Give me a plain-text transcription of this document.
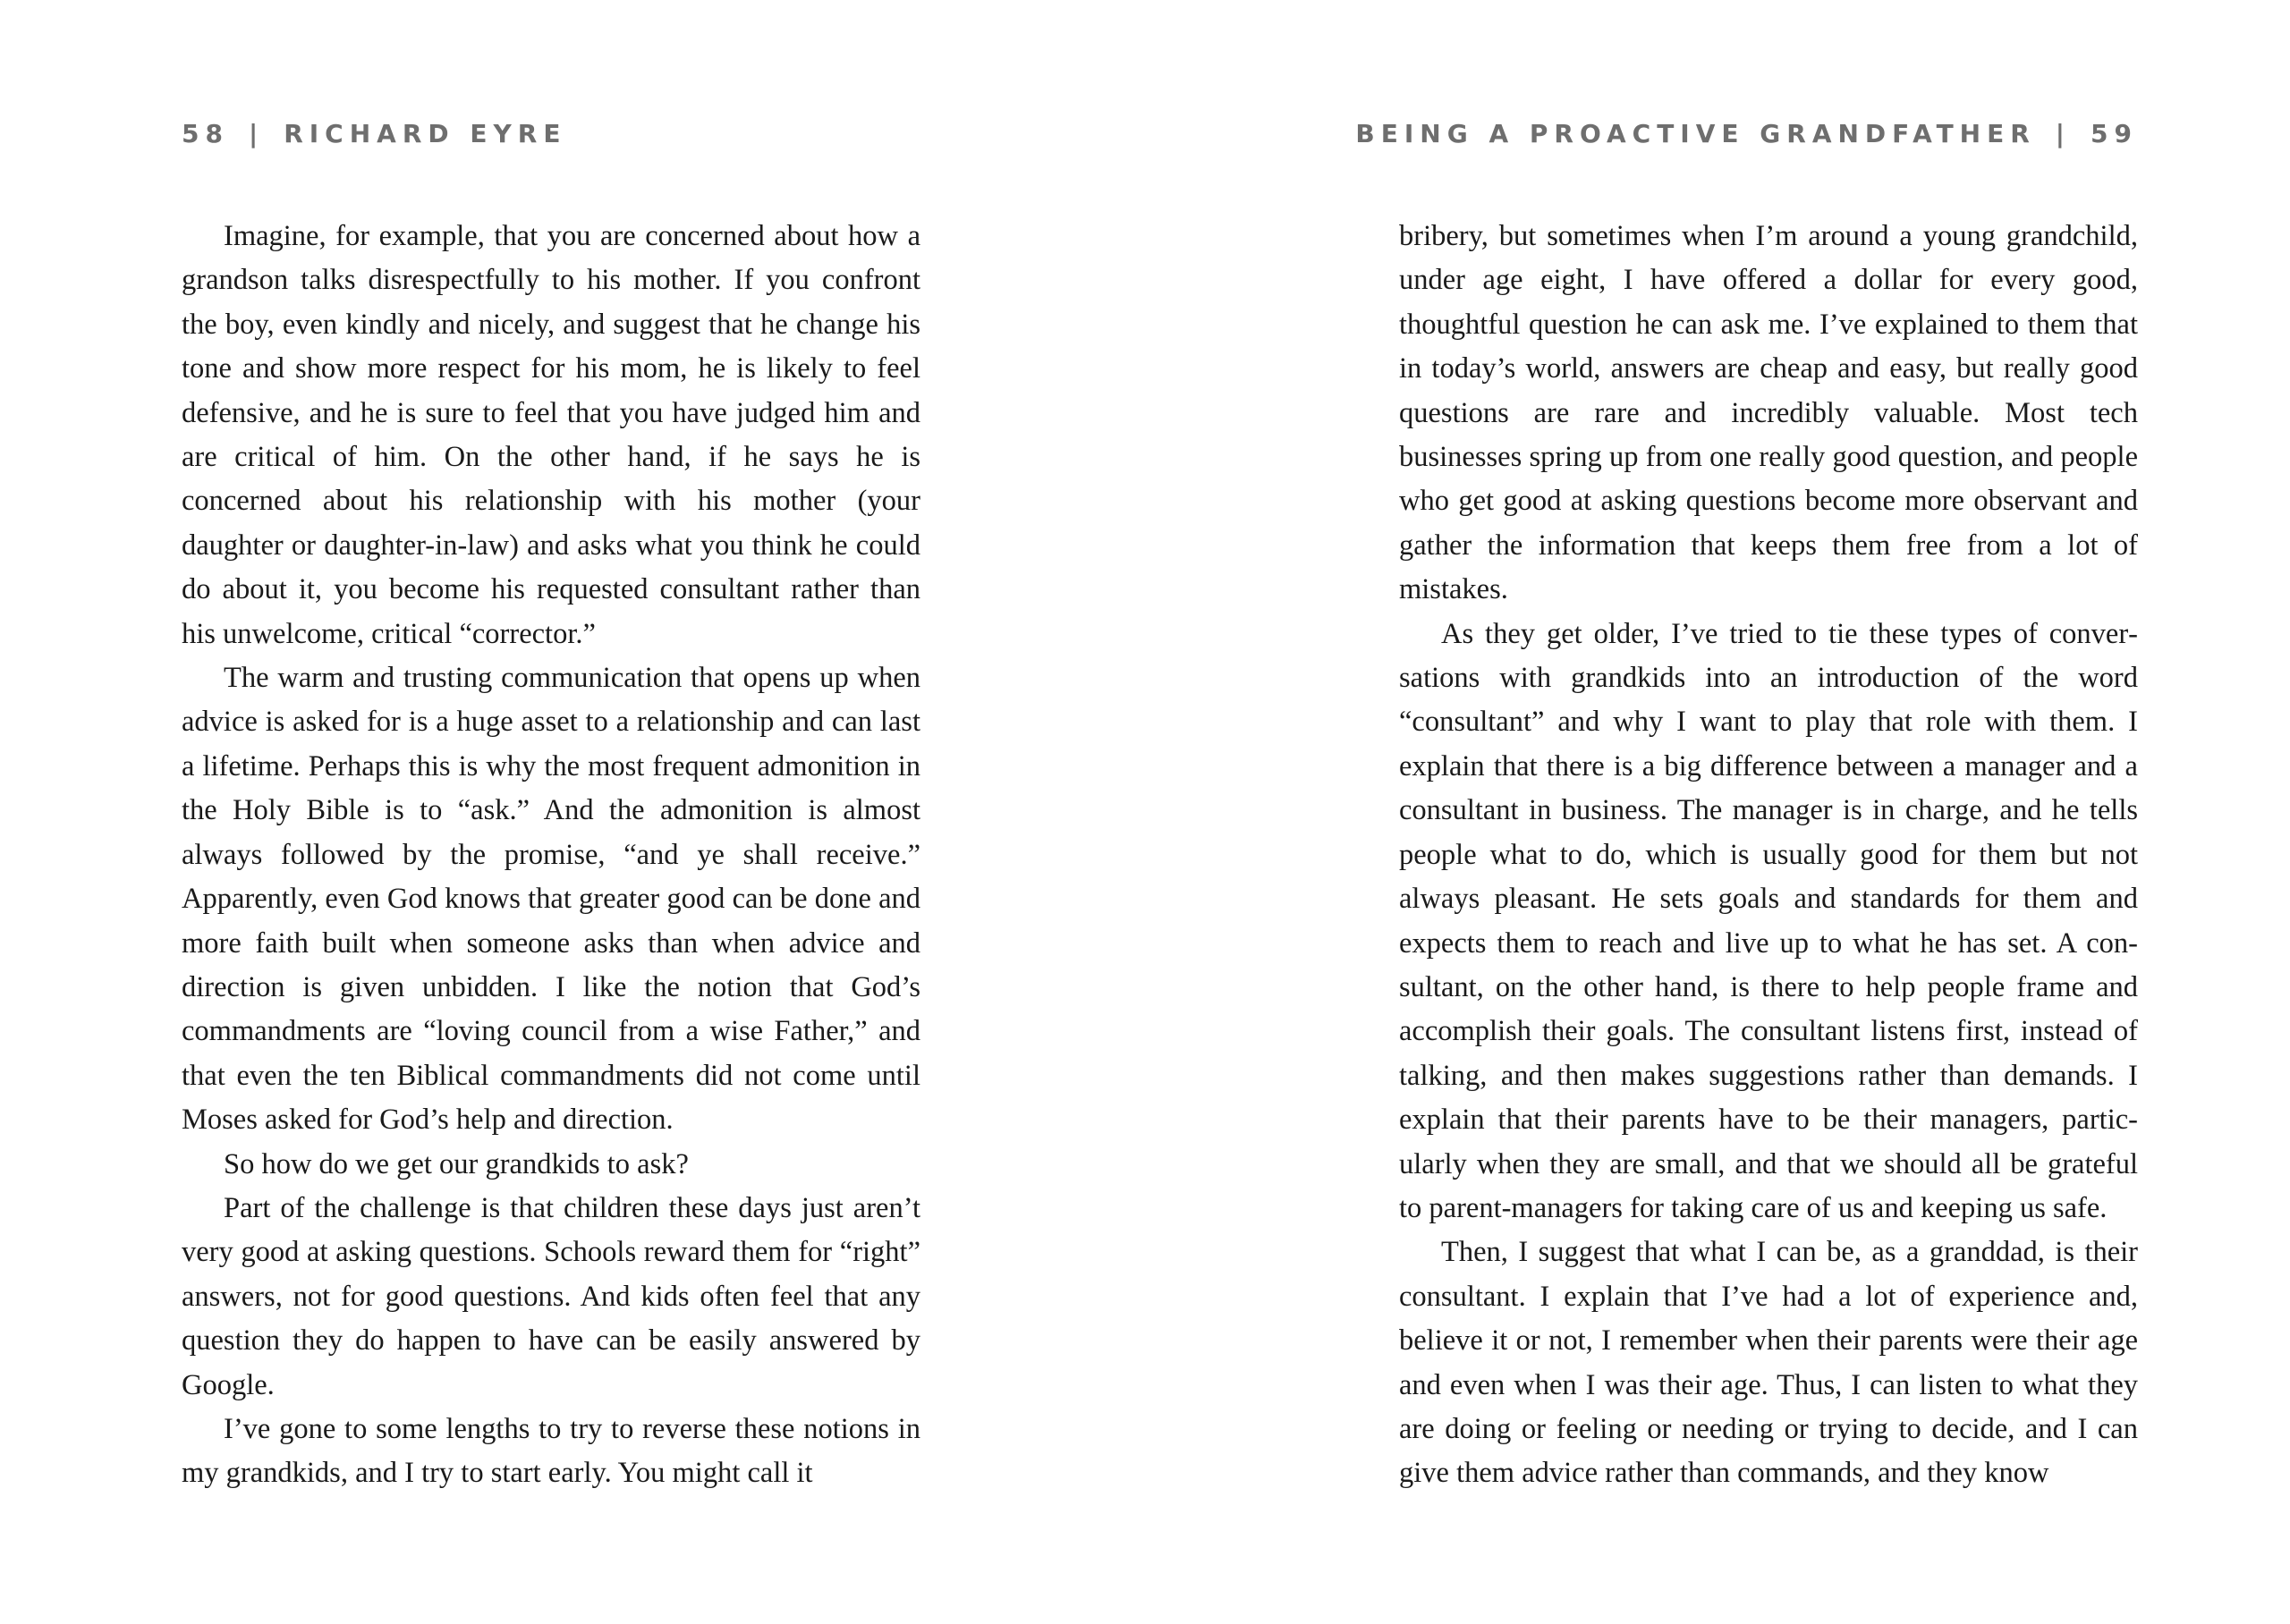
58 | RICHARD EYRE

Imagine, for example, that you are concerned about how a grandson talks disrespectfully to his mother. If you confront the boy, even kindly and nicely, and suggest that he change his tone and show more respect for his mom, he is likely to feel defensive, and he is sure to feel that you have judged him and are critical of him. On the other hand, if he says he is concerned about his relationship with his mother (your daughter or daughter-in-law) and asks what you think he could do about it, you become his requested consultant rather than his unwelcome, critical “corrector.”

The warm and trusting communication that opens up when advice is asked for is a huge asset to a relationship and can last a lifetime. Perhaps this is why the most frequent admonition in the Holy Bible is to “ask.” And the admonition is almost always followed by the promise, “and ye shall receive.” Apparently, even God knows that greater good can be done and more faith built when someone asks than when advice and direction is given unbidden. I like the notion that God’s commandments are “loving council from a wise Father,” and that even the ten Biblical commandments did not come until Moses asked for God’s help and direction.

So how do we get our grandkids to ask?

Part of the challenge is that children these days just aren’t very good at asking questions. Schools reward them for “right” answers, not for good questions. And kids often feel that any question they do happen to have can be easily answered by Google.

I’ve gone to some lengths to try to reverse these notions in my grandkids, and I try to start early. You might call it

BEING A PROACTIVE GRANDFATHER | 59

bribery, but sometimes when I’m around a young grandchild, under age eight, I have offered a dollar for every good, thoughtful question he can ask me. I’ve explained to them that in today’s world, answers are cheap and easy, but really good questions are rare and incredibly valuable. Most tech businesses spring up from one really good question, and people who get good at asking questions become more observant and gather the information that keeps them free from a lot of mistakes.

As they get older, I’ve tried to tie these types of conversations with grandkids into an introduction of the word “consultant” and why I want to play that role with them. I explain that there is a big difference between a manager and a consultant in business. The manager is in charge, and he tells people what to do, which is usually good for them but not always pleasant. He sets goals and standards for them and expects them to reach and live up to what he has set. A consultant, on the other hand, is there to help people frame and accomplish their goals. The consultant listens first, instead of talking, and then makes suggestions rather than demands. I explain that their parents have to be their managers, particularly when they are small, and that we should all be grateful to parent-managers for taking care of us and keeping us safe.

Then, I suggest that what I can be, as a granddad, is their consultant. I explain that I’ve had a lot of experience and, believe it or not, I remember when their parents were their age and even when I was their age. Thus, I can listen to what they are doing or feeling or needing or trying to decide, and I can give them advice rather than commands, and they know
